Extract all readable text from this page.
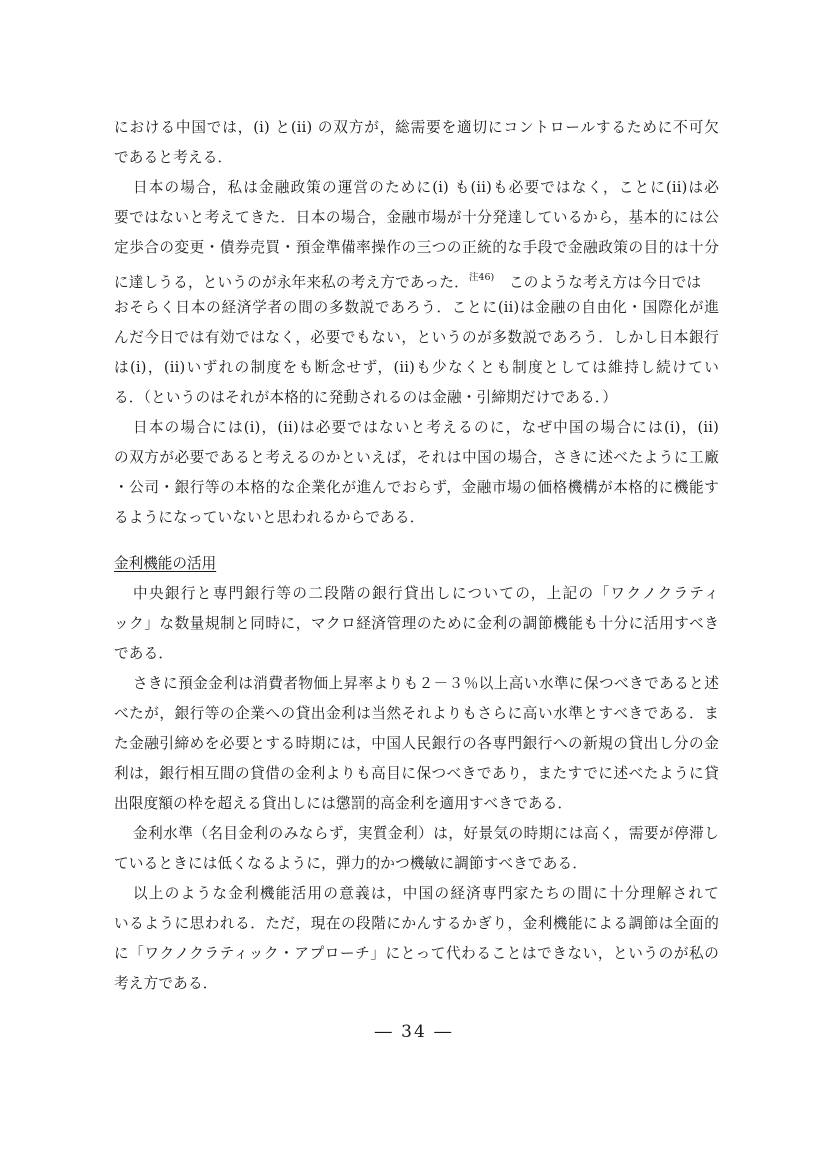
における中国では，(i) と(ii) の双方が，総需要を適切にコントロールするために不可欠
であると考える．
日本の場合，私は金融政策の運営のために(i) も(ii)も必要ではなく，ことに(ii)は必
要ではないと考えてきた．日本の場合，金融市場が十分発達しているから，基本的には公
定歩合の変更・債券売買・預金準備率操作の三つの正統的な手段で金融政策の目的は十分
に達しうる，というのが永年来私の考え方であった．$^{注46)}$　 このような考え方は今日では
おそらく日本の経済学者の間の多数説であろう．ことに(ii)は金融の自由化・国際化が進
んだ今日では有効ではなく，必要でもない，というのが多数説であろう．しかし日本銀行
は(i)，(ii)いずれの制度をも断念せず，(ii)も少なくとも制度としては維持し続けてい
る．（というのはそれが本格的に発動されるのは金融・引締期だけである．）
日本の場合には(i)，(ii)は必要ではないと考えるのに，なぜ中国の場合には(i)，(ii)
の双方が必要であると考えるのかといえば，それは中国の場合，さきに述べたように工廠
・公司・銀行等の本格的な企業化が進んでおらず，金融市場の価格機構が本格的に機能す
るようになっていないと思われるからである．
金利機能の活用
中央銀行と専門銀行等の二段階の銀行貸出しについての，上記の「ワクノクラティ
ック」な数量規制と同時に，マクロ経済管理のために金利の調節機能も十分に活用すべき
である．
さきに預金金利は消費者物価上昇率よりも２－３％以上高い水準に保つべきであると述
べたが，銀行等の企業への貸出金利は当然それよりもさらに高い水準とすべきである．ま
た金融引締めを必要とする時期には，中国人民銀行の各専門銀行への新規の貸出し分の金
利は，銀行相互間の貸借の金利よりも高目に保つべきであり，またすでに述べたように貸
出限度額の枠を超える貸出しには懲罰的高金利を適用すべきである．
金利水準（名目金利のみならず，実質金利）は，好景気の時期には高く，需要が停滞し
ているときには低くなるように，弾力的かつ機敏に調節すべきである．
以上のような金利機能活用の意義は，中国の経済専門家たちの間に十分理解されて
いるように思われる．ただ，現在の段階にかんするかぎり，金利機能による調節は全面的
に「ワクノクラティック・アプローチ」にとって代わることはできない，というのが私の
考え方である．
― 34 ―
